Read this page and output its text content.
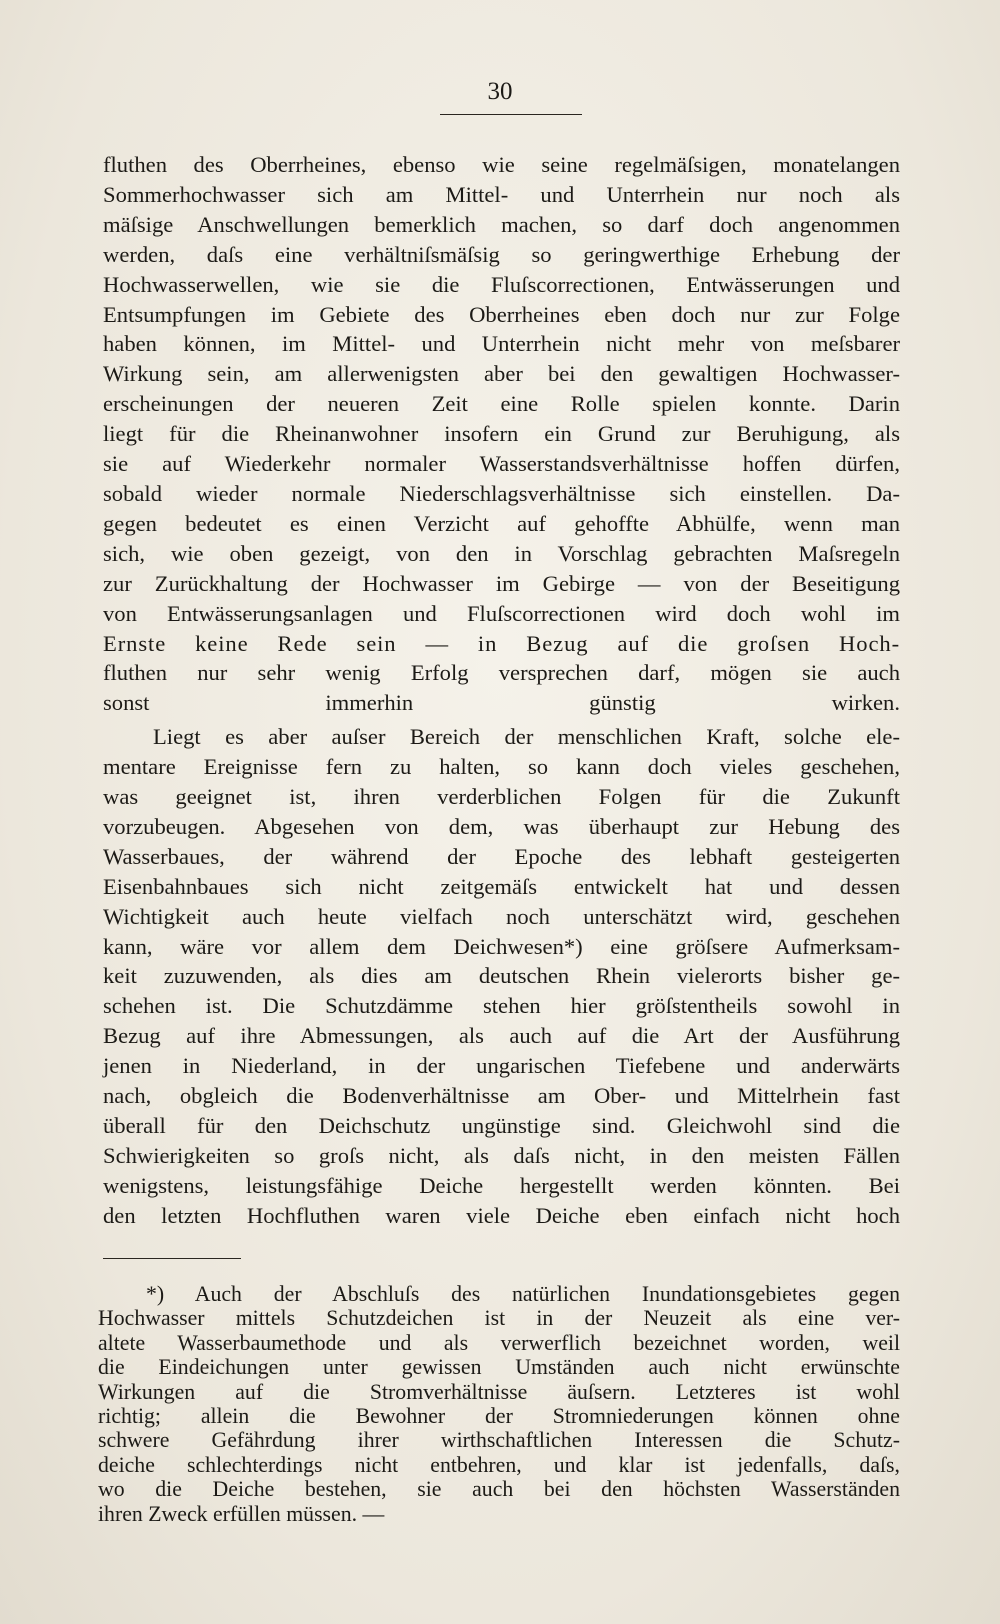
30

fluthen des Oberrheines, ebenso wie seine regelmäſsigen, monatelangen
Sommerhochwasser sich am Mittel- und Unterrhein nur noch als
mäſsige Anschwellungen bemerklich machen, so darf doch angenommen
werden, daſs eine verhältniſsmäſsig so geringwerthige Erhebung der
Hochwasserwellen, wie sie die Fluſscorrectionen, Entwässerungen und
Entsumpfungen im Gebiete des Oberrheines eben doch nur zur Folge
haben können, im Mittel- und Unterrhein nicht mehr von meſsbarer
Wirkung sein, am allerwenigsten aber bei den gewaltigen Hochwasser-
erscheinungen der neueren Zeit eine Rolle spielen konnte. Darin
liegt für die Rheinanwohner insofern ein Grund zur Beruhigung, als
sie auf Wiederkehr normaler Wasserstandsverhältnisse hoffen dürfen,
sobald wieder normale Niederschlagsverhältnisse sich einstellen. Da-
gegen bedeutet es einen Verzicht auf gehoffte Abhülfe, wenn man
sich, wie oben gezeigt, von den in Vorschlag gebrachten Maſsregeln
zur Zurückhaltung der Hochwasser im Gebirge — von der Beseitigung
von Entwässerungsanlagen und Fluſscorrectionen wird doch wohl im
Ernste keine Rede sein — in Bezug auf die groſsen Hoch-
fluthen nur sehr wenig Erfolg versprechen darf, mögen sie auch
sonst immerhin günstig wirken.

Liegt es aber auſser Bereich der menschlichen Kraft, solche ele-
mentare Ereignisse fern zu halten, so kann doch vieles geschehen,
was geeignet ist, ihren verderblichen Folgen für die Zukunft
vorzubeugen. Abgesehen von dem, was überhaupt zur Hebung des
Wasserbaues, der während der Epoche des lebhaft gesteigerten
Eisenbahnbaues sich nicht zeitgemäſs entwickelt hat und dessen
Wichtigkeit auch heute vielfach noch unterschätzt wird, geschehen
kann, wäre vor allem dem Deichwesen*) eine gröſsere Aufmerksam-
keit zuzuwenden, als dies am deutschen Rhein vielerorts bisher ge-
schehen ist. Die Schutzdämme stehen hier gröſstentheils sowohl in
Bezug auf ihre Abmessungen, als auch auf die Art der Ausführung
jenen in Niederland, in der ungarischen Tiefebene und anderwärts
nach, obgleich die Bodenverhältnisse am Ober- und Mittelrhein fast
überall für den Deichschutz ungünstige sind. Gleichwohl sind die
Schwierigkeiten so groſs nicht, als daſs nicht, in den meisten Fällen
wenigstens, leistungsfähige Deiche hergestellt werden könnten. Bei
den letzten Hochfluthen waren viele Deiche eben einfach nicht hoch

*) Auch der Abschluſs des natürlichen Inundationsgebietes gegen
Hochwasser mittels Schutzdeichen ist in der Neuzeit als eine ver-
altete Wasserbaumethode und als verwerflich bezeichnet worden, weil
die Eindeichungen unter gewissen Umständen auch nicht erwünschte
Wirkungen auf die Stromverhältnisse äuſsern. Letzteres ist wohl
richtig; allein die Bewohner der Stromniederungen können ohne
schwere Gefährdung ihrer wirthschaftlichen Interessen die Schutz-
deiche schlechterdings nicht entbehren, und klar ist jedenfalls, daſs,
wo die Deiche bestehen, sie auch bei den höchsten Wasserständen
ihren Zweck erfüllen müssen. —
